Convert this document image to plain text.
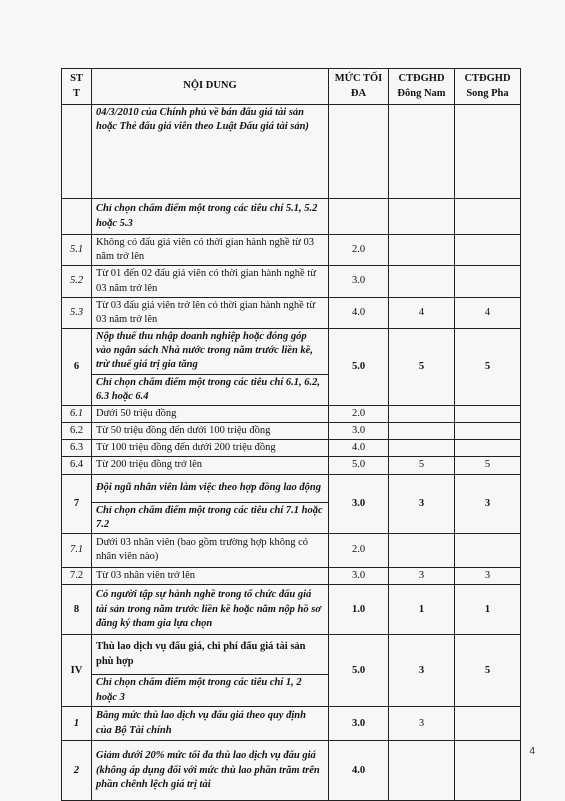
ST T	NỘI DUNG	MỨC TỐI ĐA	CTĐGHD Đông Nam	CTĐGHD Song Pha
	04/3/2010 của Chính phủ về bán đấu giá tài sản hoặc Thẻ đấu giá viên theo Luật Đấu giá tài sản)			
	Chỉ chọn chấm điểm một trong các tiêu chí 5.1, 5.2 hoặc 5.3			
5.1	Không có đấu giá viên có thời gian hành nghề từ 03 năm trở lên	2.0		
5.2	Từ 01 đến 02 đấu giá viên có thời gian hành nghề từ 03 năm trở lên	3.0		
5.3	Từ 03 đấu giá viên trở lên có thời gian hành nghề từ 03 năm trở lên	4.0	4	4
6	Nộp thuế thu nhập doanh nghiệp hoặc đóng góp vào ngân sách Nhà nước trong năm trước liền kề, trừ thuế giá trị gia tăng	5.0	5	5
	Chỉ chọn chấm điểm một trong các tiêu chí 6.1, 6.2, 6.3 hoặc 6.4			
6.1	Dưới 50 triệu đồng	2.0		
6.2	Từ 50 triệu đồng đến dưới 100 triệu đồng	3.0		
6.3	Từ 100 triệu đồng đến dưới 200 triệu đồng	4.0		
6.4	Từ 200 triệu đồng trở lên	5.0	5	5
7	Đội ngũ nhân viên làm việc theo hợp đồng lao động	3.0	3	3
	Chỉ chọn chấm điểm một trong các tiêu chí 7.1 hoặc 7.2			
7.1	Dưới 03 nhân viên (bao gồm trường hợp không có nhân viên nào)	2.0		
7.2	Từ 03 nhân viên trở lên	3.0	3	3
8	Có người tập sự hành nghề trong tổ chức đấu giá tài sản trong năm trước liền kề hoặc năm nộp hồ sơ đăng ký tham gia lựa chọn	1.0	1	1
IV	Thù lao dịch vụ đấu giá, chi phí đấu giá tài sản phù hợp	5.0	3	5
	Chỉ chọn chấm điểm một trong các tiêu chí 1, 2 hoặc 3			
1	Bằng mức thù lao dịch vụ đấu giá theo quy định của Bộ Tài chính	3.0	3	
2	Giảm dưới 20% mức tối đa thù lao dịch vụ đấu giá (không áp dụng đối với mức thù lao phần trăm trên phần chênh lệch giá trị tài	4.0		
4
